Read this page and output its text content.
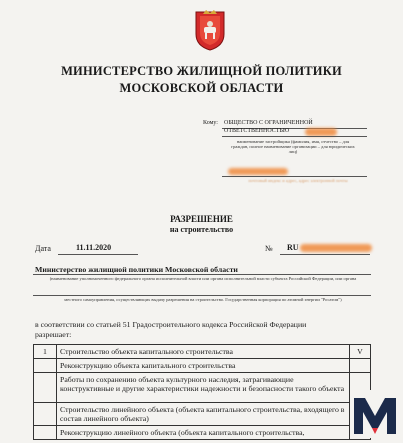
МИНИСТЕРСТВО ЖИЛИЩНОЙ ПОЛИТИКИ
МОСКОВСКОЙ ОБЛАСТИ
Кому: ОБЩЕСТВО С ОГРАНИЧЕННОЙ
ОТВЕТСТВЕННОСТЬЮ
наименование застройщика (фамилия, имя, отчество – для граждан, полное наименование организации – для юридических лиц)
почтовый индекс и адрес, адрес электронной почты
РАЗРЕШЕНИЕ
на строительство
Дата	11.11.2020	№ RU
Министерство жилищной политики Московской области
(наименование уполномоченного федерального органа исполнительной власти или органа исполнительной власти субъекта Российской Федерации, или органа
местного самоуправления, осуществляющих выдачу разрешения на строительство. Государственная корпорация по атомной энергии "Росатом")
в соответствии со статьей 51 Градостроительного кодекса Российской Федерации
разрешает:
1	Строительство объекта капитального строительства	V
	Реконструкцию объекта капитального строительства	
	Работы по сохранению объекта культурного наследия, затрагивающие конструктивные и другие характеристики надежности и безопасности такого объекта	
	Строительство линейного объекта (объекта капитального строительства, входящего в состав линейного объекта)	
	Реконструкцию линейного объекта (объекта капитального строительства,	
